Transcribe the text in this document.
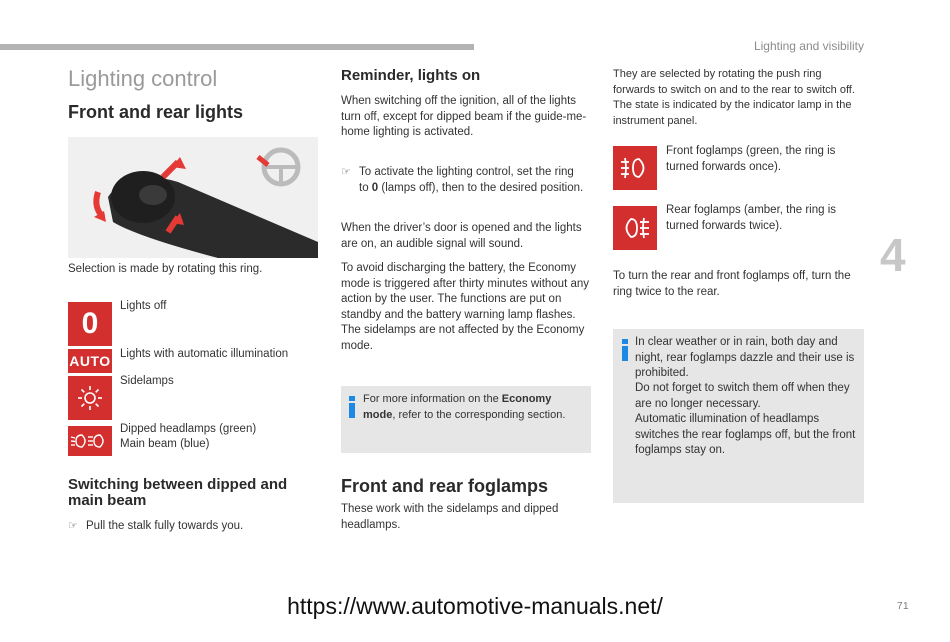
Lighting and visibility
4
71
https://www.automotive-manuals.net/
Lighting control
Front and rear lights

Selection is made by rotating this ring.

0
Lights off
AUTO Lights with automatic illumination
Sidelamps
Dipped headlamps (green)
Main beam (blue)
Switching between dipped and main beam
☞ Pull the stalk fully towards you.
Reminder, lights on

When switching off the ignition, all of the lights turn off, except for dipped beam if the guide-me-home lighting is activated.

☞ To activate the lighting control, set the ring
to 0 (lamps off), then to the desired position.

When the driver’s door is opened and the lights are on, an audible signal will sound.

To avoid discharging the battery, the Economy mode is triggered after thirty minutes without any action by the user. The functions are put on standby and the battery warning lamp flashes. The sidelamps are not affected by the Economy mode.

For more information on the Economy mode, refer to the corresponding section.

Front and rear foglamps

These work with the sidelamps and dipped headlamps.

They are selected by rotating the push ring forwards to switch on and to the rear to switch off. The state is indicated by the indicator lamp in the instrument panel.

Front foglamps (green, the ring is turned forwards once).

Rear foglamps (amber, the ring is turned forwards twice).

To turn the rear and front foglamps off, turn the ring twice to the rear.

In clear weather or in rain, both day and night, rear foglamps dazzle and their use is prohibited.

Do not forget to switch them off when they are no longer necessary.

Automatic illumination of headlamps switches the rear foglamps off, but the front foglamps stay on.
